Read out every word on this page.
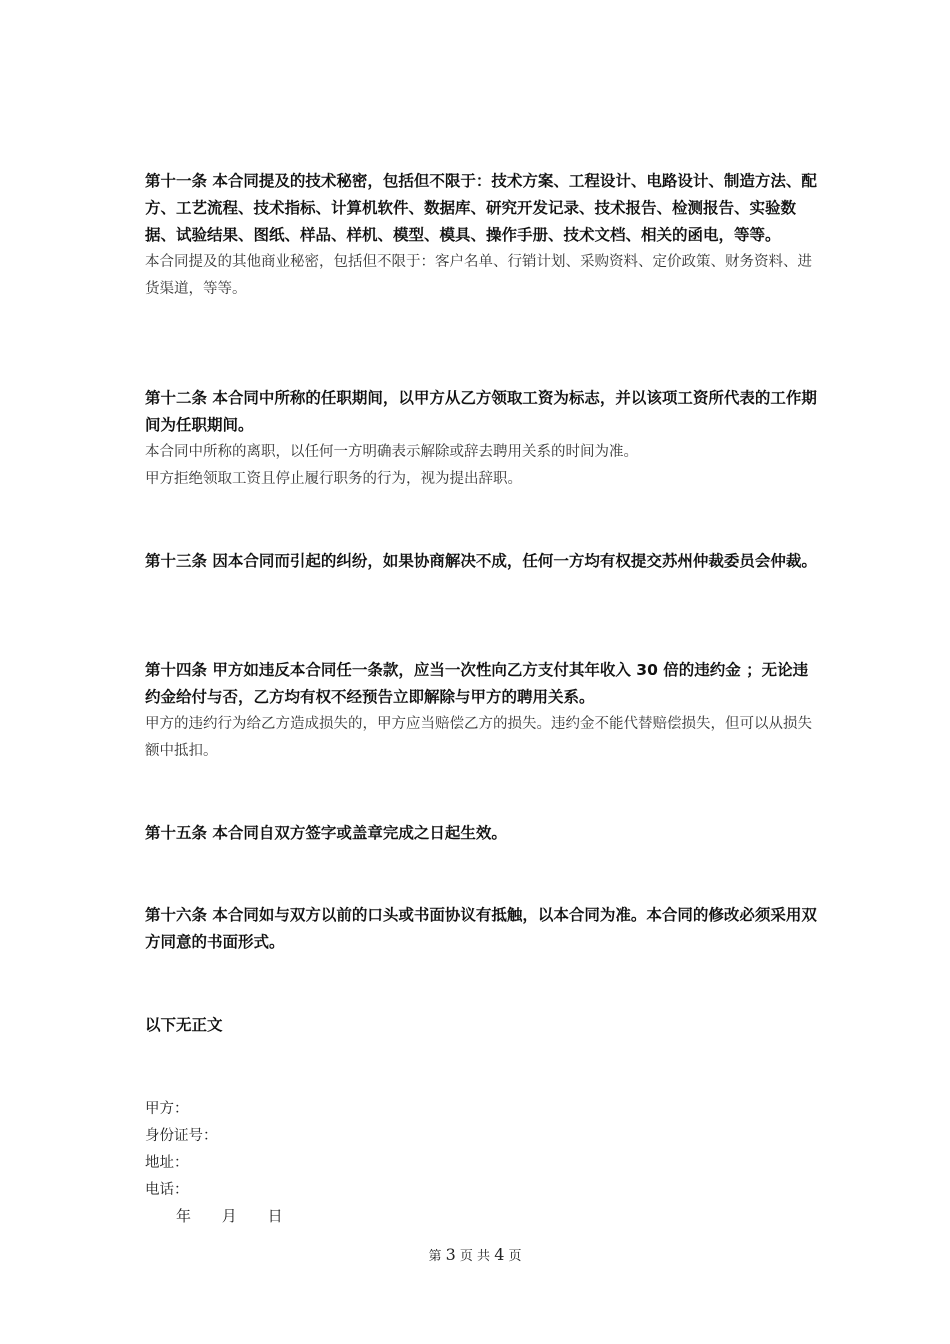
第十一条 本合同提及的技术秘密，包括但不限于：技术方案、工程设计、电路设计、制造方法、配方、工艺流程、技术指标、计算机软件、数据库、研究开发记录、技术报告、检测报告、实验数据、试验结果、图纸、样品、样机、模型、模具、操作手册、技术文档、相关的函电，等等。

本合同提及的其他商业秘密，包括但不限于：客户名单、行销计划、采购资料、定价政策、财务资料、进货渠道，等等。

第十二条 本合同中所称的任职期间，以甲方从乙方领取工资为标志，并以该项工资所代表的工作期间为任职期间。

本合同中所称的离职，以任何一方明确表示解除或辞去聘用关系的时间为准。

甲方拒绝领取工资且停止履行职务的行为，视为提出辞职。

第十三条 因本合同而引起的纠纷，如果协商解决不成，任何一方均有权提交苏州仲裁委员会仲裁。

第十四条 甲方如违反本合同任一条款，应当一次性向乙方支付其年收入 30 倍的违约金 ；无论违约金给付与否，乙方均有权不经预告立即解除与甲方的聘用关系。

甲方的违约行为给乙方造成损失的，甲方应当赔偿乙方的损失。违约金不能代替赔偿损失，但可以从损失额中抵扣。

第十五条 本合同自双方签字或盖章完成之日起生效。

第十六条 本合同如与双方以前的口头或书面协议有抵触，以本合同为准。本合同的修改必须采用双方同意的书面形式。

以下无正文

甲方：
身份证号：
地址：
电话：
年 月 日
第 3 页 共 4 页
